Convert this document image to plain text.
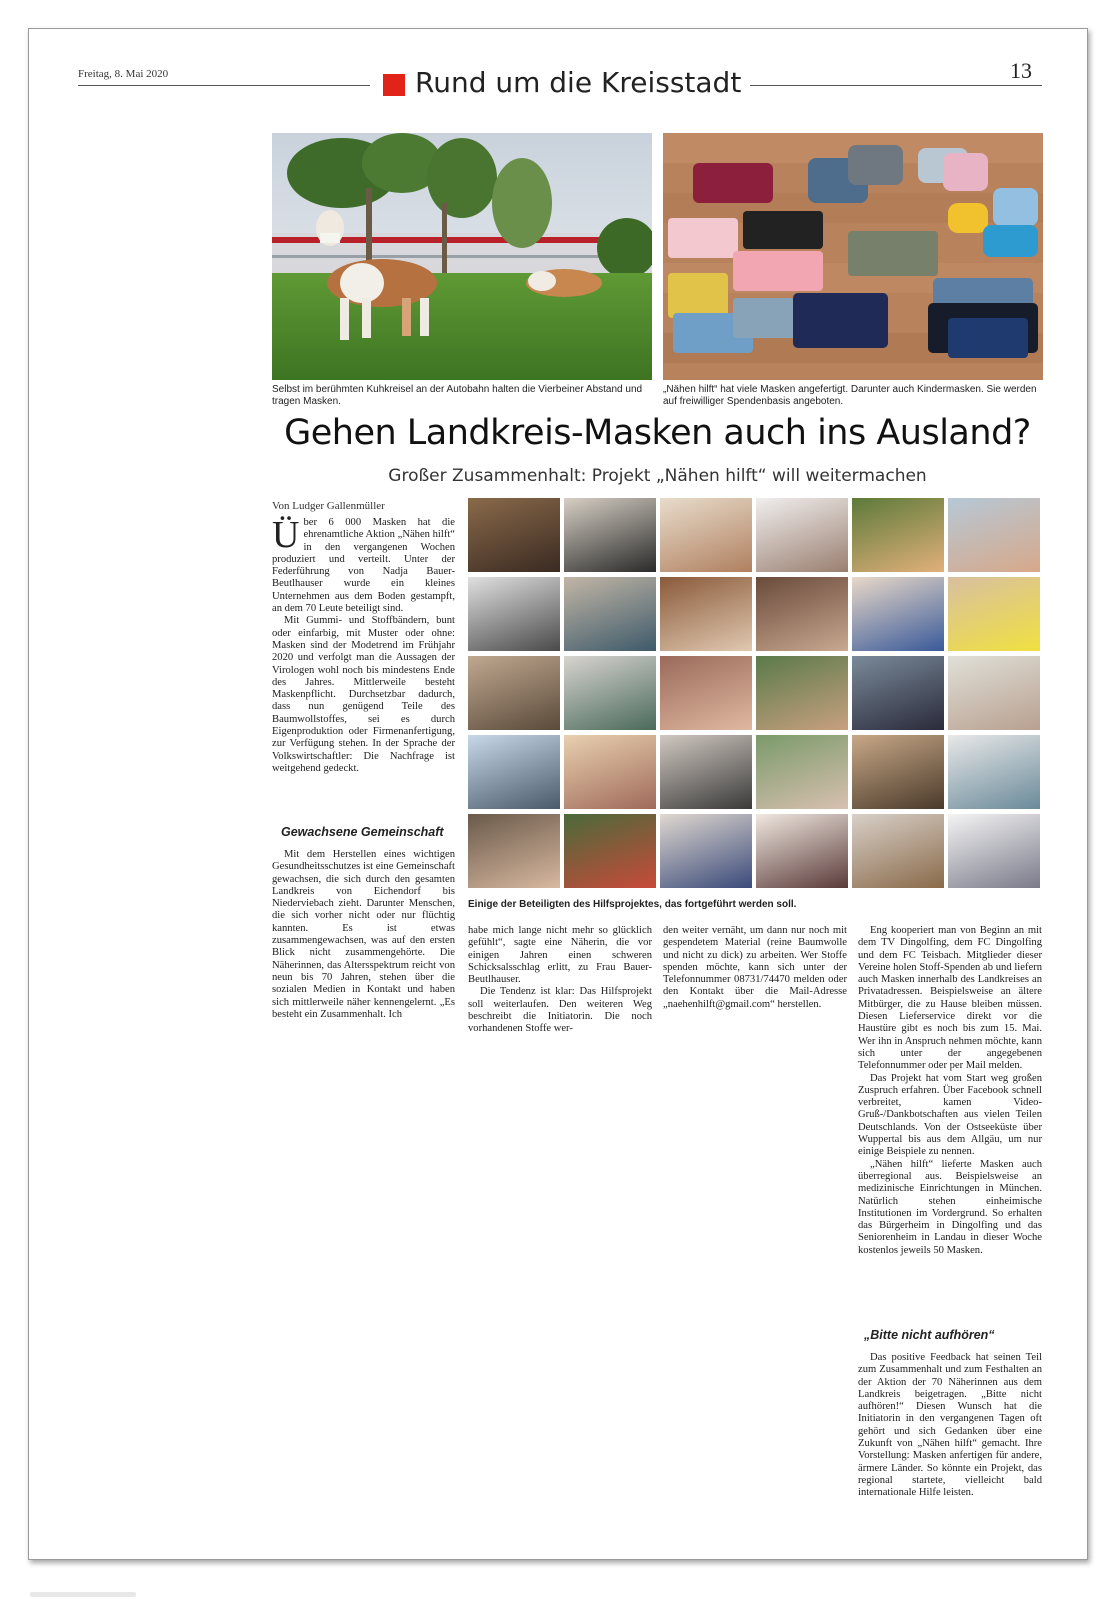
Freitag, 8. Mai 2020	Rund um die Kreisstadt	13
Selbst im berühmten Kuhkreisel an der Autobahn halten die Vierbeiner Abstand und tragen Masken.
„Nähen hilft“ hat viele Masken angefertigt. Darunter auch Kindermasken. Sie werden auf freiwilliger Spendenbasis angeboten.
Gehen Landkreis-Masken auch ins Ausland?
Großer Zusammenhalt: Projekt „Nähen hilft“ will weitermachen
Von Ludger Gallenmüller

Über 6 000 Masken hat die ehrenamtliche Aktion „Nähen hilft“ in den vergangenen Wochen produziert und verteilt. Unter der Federführung von Nadja Bauer-Beutlhauser wurde ein kleines Unternehmen aus dem Boden gestampft, an dem 70 Leute beteiligt sind.

Mit Gummi- und Stoffbändern, bunt oder einfarbig, mit Muster oder ohne: Masken sind der Modetrend im Frühjahr 2020 und verfolgt man die Aussagen der Virologen wohl noch bis mindestens Ende des Jahres. Mittlerweile besteht Maskenpflicht. Durchsetzbar dadurch, dass nun genügend Teile des Baumwollstoffes, sei es durch Eigenproduktion oder Firmenanfertigung, zur Verfügung stehen. In der Sprache der Volkswirtschaftler: Die Nachfrage ist weitgehend gedeckt.

Gewachsene Gemeinschaft

Mit dem Herstellen eines wichtigen Gesundheitsschutzes ist eine Gemeinschaft gewachsen, die sich durch den gesamten Landkreis von Eichendorf bis Niederviebach zieht. Darunter Menschen, die sich vorher nicht oder nur flüchtig kannten. Es ist etwas zusammengewachsen, was auf den ersten Blick nicht zusammengehörte. Die Näherinnen, das Altersspektrum reicht von neun bis 70 Jahren, stehen über die sozialen Medien in Kontakt und haben sich mittlerweile näher kennengelernt. „Es besteht ein Zusammenhalt. Ich

Einige der Beteiligten des Hilfsprojektes, das fortgeführt werden soll.

habe mich lange nicht mehr so glücklich gefühlt“, sagte eine Näherin, die vor einigen Jahren einen schweren Schicksalsschlag erlitt, zu Frau Bauer-Beutlhauser.

Die Tendenz ist klar: Das Hilfsprojekt soll weiterlaufen. Den weiteren Weg beschreibt die Initiatorin. Die noch vorhandenen Stoffe wer-

den weiter vernäht, um dann nur noch mit gespendetem Material (reine Baumwolle und nicht zu dick) zu arbeiten. Wer Stoffe spenden möchte, kann sich unter der Telefonnummer 08731/74470 melden oder den Kontakt über die Mail-Adresse „naehenhilft@gmail.com“ herstellen.

Eng kooperiert man von Beginn an mit dem TV Dingolfing, dem FC Dingolfing und dem FC Teisbach. Mitglieder dieser Vereine holen Stoff-Spenden ab und liefern auch Masken innerhalb des Landkreises an Privatadressen. Beispielsweise an ältere Mitbürger, die zu Hause bleiben müssen. Diesen Lieferservice direkt vor die Haustüre gibt es noch bis zum 15. Mai. Wer ihn in Anspruch nehmen möchte, kann sich unter der angegebenen Telefonnummer oder per Mail melden.

Das Projekt hat vom Start weg großen Zuspruch erfahren. Über Facebook schnell verbreitet, kamen Video-Gruß-/Dankbotschaften aus vielen Teilen Deutschlands. Von der Ostseeküste über Wuppertal bis aus dem Allgäu, um nur einige Beispiele zu nennen.

„Nähen hilft“ lieferte Masken auch überregional aus. Beispielsweise an medizinische Einrichtungen in München. Natürlich stehen einheimische Institutionen im Vordergrund. So erhalten das Bürgerheim in Dingolfing und das Seniorenheim in Landau in dieser Woche kostenlos jeweils 50 Masken.

„Bitte nicht aufhören“

Das positive Feedback hat seinen Teil zum Zusammenhalt und zum Festhalten an der Aktion der 70 Näherinnen aus dem Landkreis beigetragen. „Bitte nicht aufhören!“ Diesen Wunsch hat die Initiatorin in den vergangenen Tagen oft gehört und sich Gedanken über eine Zukunft von „Nähen hilft“ gemacht. Ihre Vorstellung: Masken anfertigen für andere, ärmere Länder. So könnte ein Projekt, das regional startete, vielleicht bald internationale Hilfe leisten.
